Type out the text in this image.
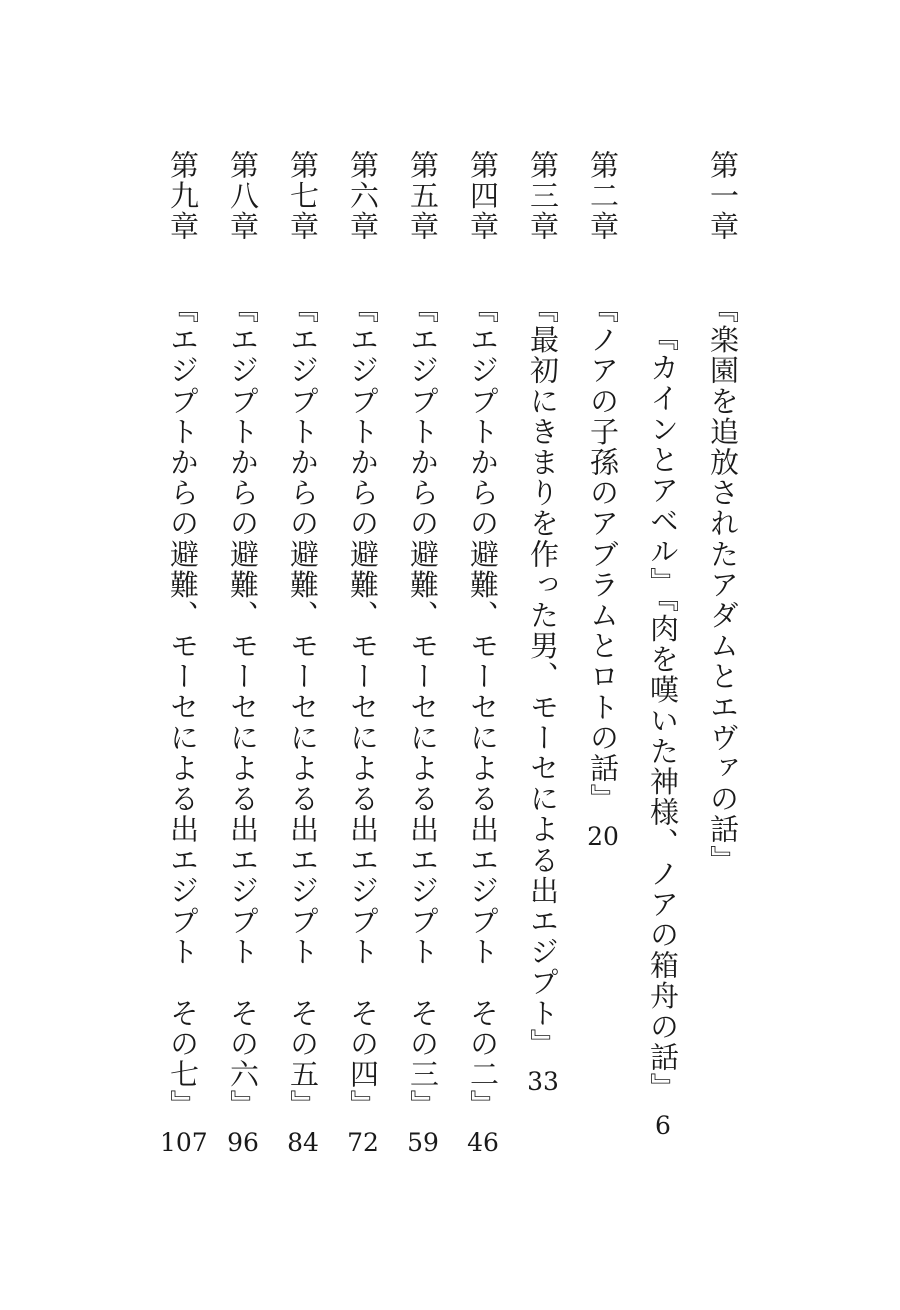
第一章『楽園を追放されたアダムとエヴァの話』
『カインとアベル』『肉を嘆いた神様、ノアの箱舟の話』6
第二章『ノアの子孫のアブラムとロトの話』20
第三章『最初にきまりを作った男、モーセによる出エジプト』33
第四章『エジプトからの避難、モーセによる出エジプト　その二』46
第五章『エジプトからの避難、モーセによる出エジプト　その三』59
第六章『エジプトからの避難、モーセによる出エジプト　その四』72
第七章『エジプトからの避難、モーセによる出エジプト　その五』84
第八章『エジプトからの避難、モーセによる出エジプト　その六』96
第九章『エジプトからの避難、モーセによる出エジプト　その七』107
